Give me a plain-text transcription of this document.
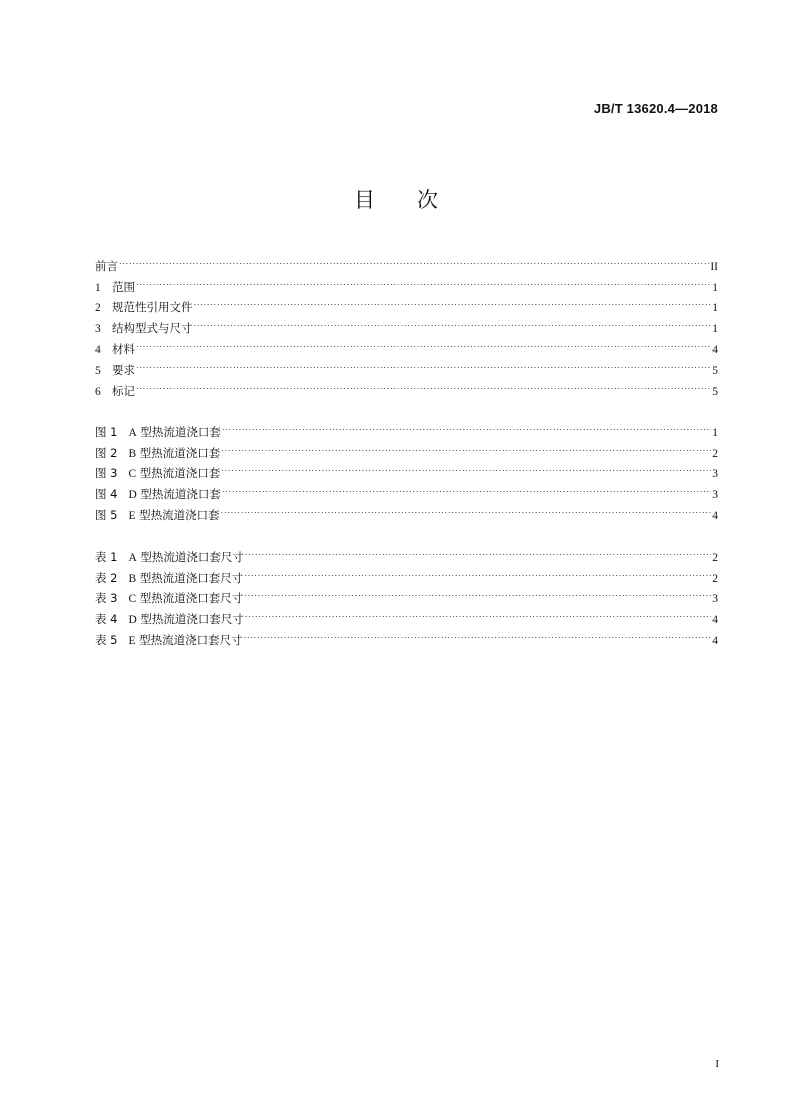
JB/T 13620.4—2018
目 次
前言 .....	II
1 范围 .....	1
2 规范性引用文件 .....	1
3 结构型式与尺寸 .....	1
4 材料 .....	4
5 要求 .....	5
6 标记 .....	5
图 1 A 型热流道浇口套 .....	1
图 2 B 型热流道浇口套 .....	2
图 3 C 型热流道浇口套 .....	3
图 4 D 型热流道浇口套 .....	3
图 5 E 型热流道浇口套 .....	4
表 1 A 型热流道浇口套尺寸 .....	2
表 2 B 型热流道浇口套尺寸 .....	2
表 3 C 型热流道浇口套尺寸 .....	3
表 4 D 型热流道浇口套尺寸 .....	4
表 5 E 型热流道浇口套尺寸 .....	4
I
